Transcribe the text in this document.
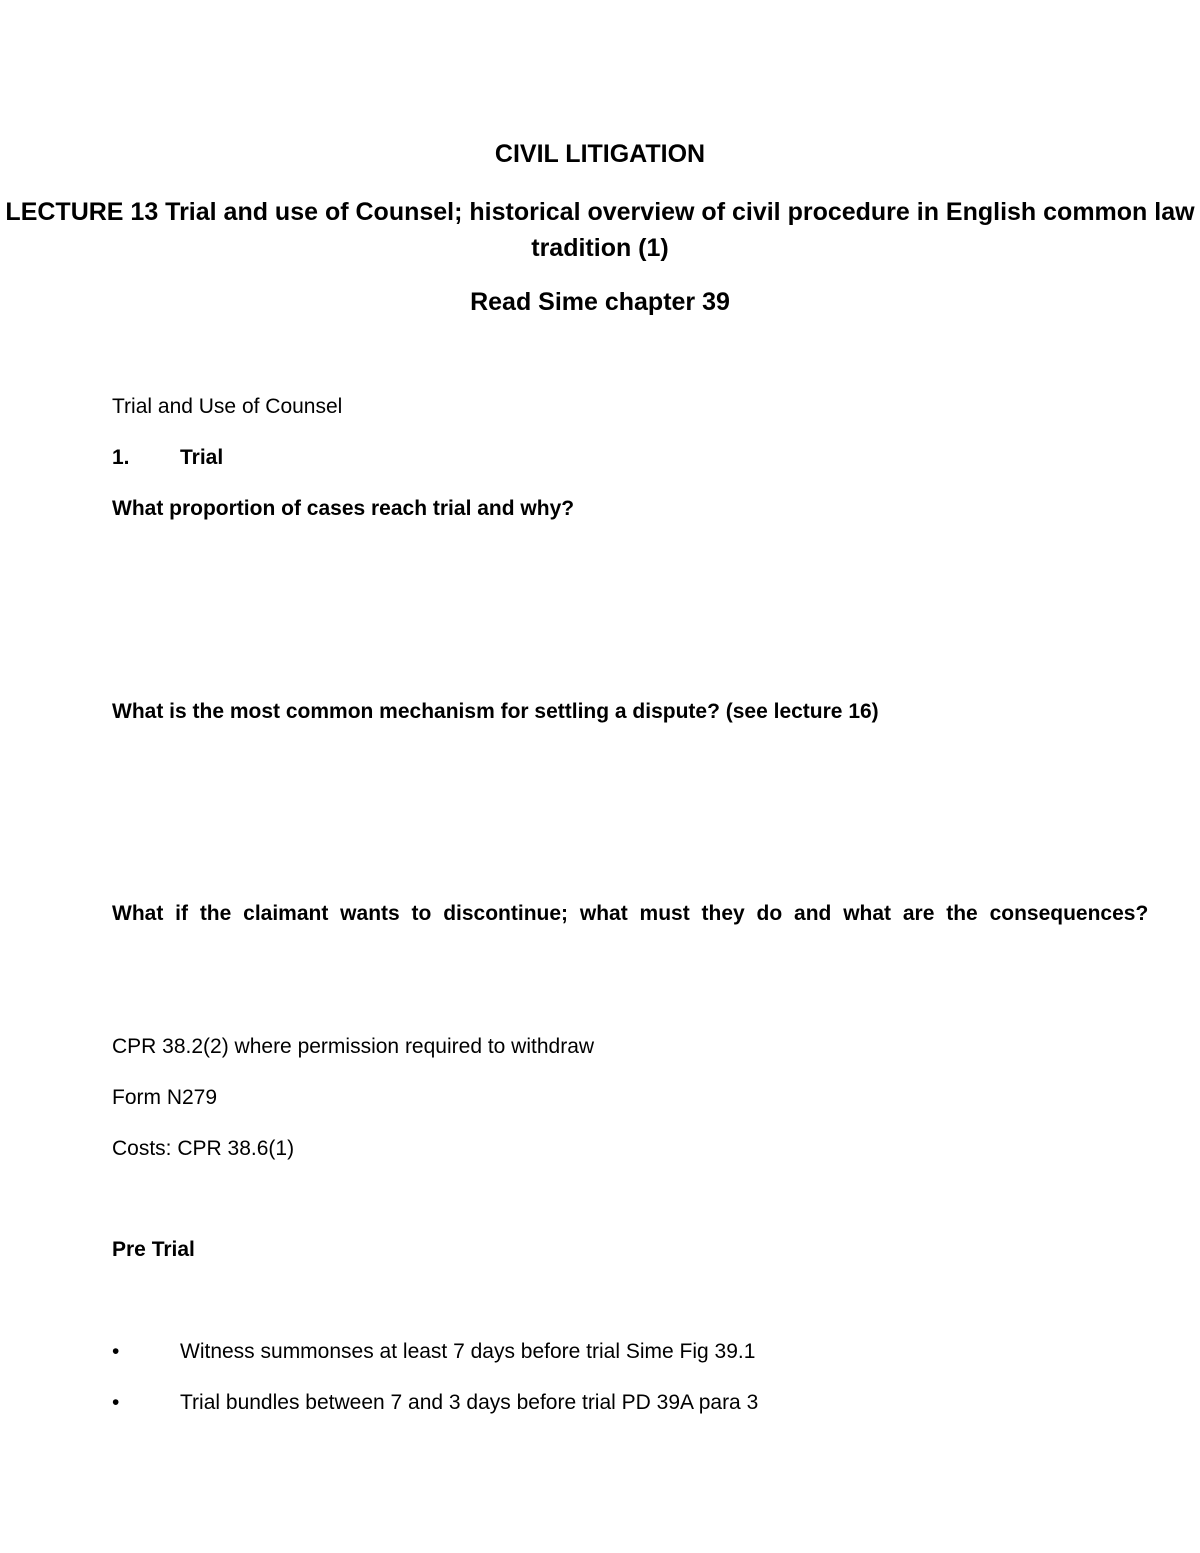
CIVIL LITIGATION

LECTURE 13 Trial and use of Counsel; historical overview of civil procedure in English common law tradition (1)

Read Sime chapter 39

Trial and Use of Counsel

1. Trial

What proportion of cases reach trial and why?

What is the most common mechanism for settling a dispute? (see lecture 16)

What if the claimant wants to discontinue; what must they do and what are the consequences?

CPR 38.2(2) where permission required to withdraw

Form N279

Costs: CPR 38.6(1)

Pre Trial

•	Witness summonses at least 7 days before trial Sime Fig 39.1

•	Trial bundles between 7 and 3 days before trial PD 39A para 3
